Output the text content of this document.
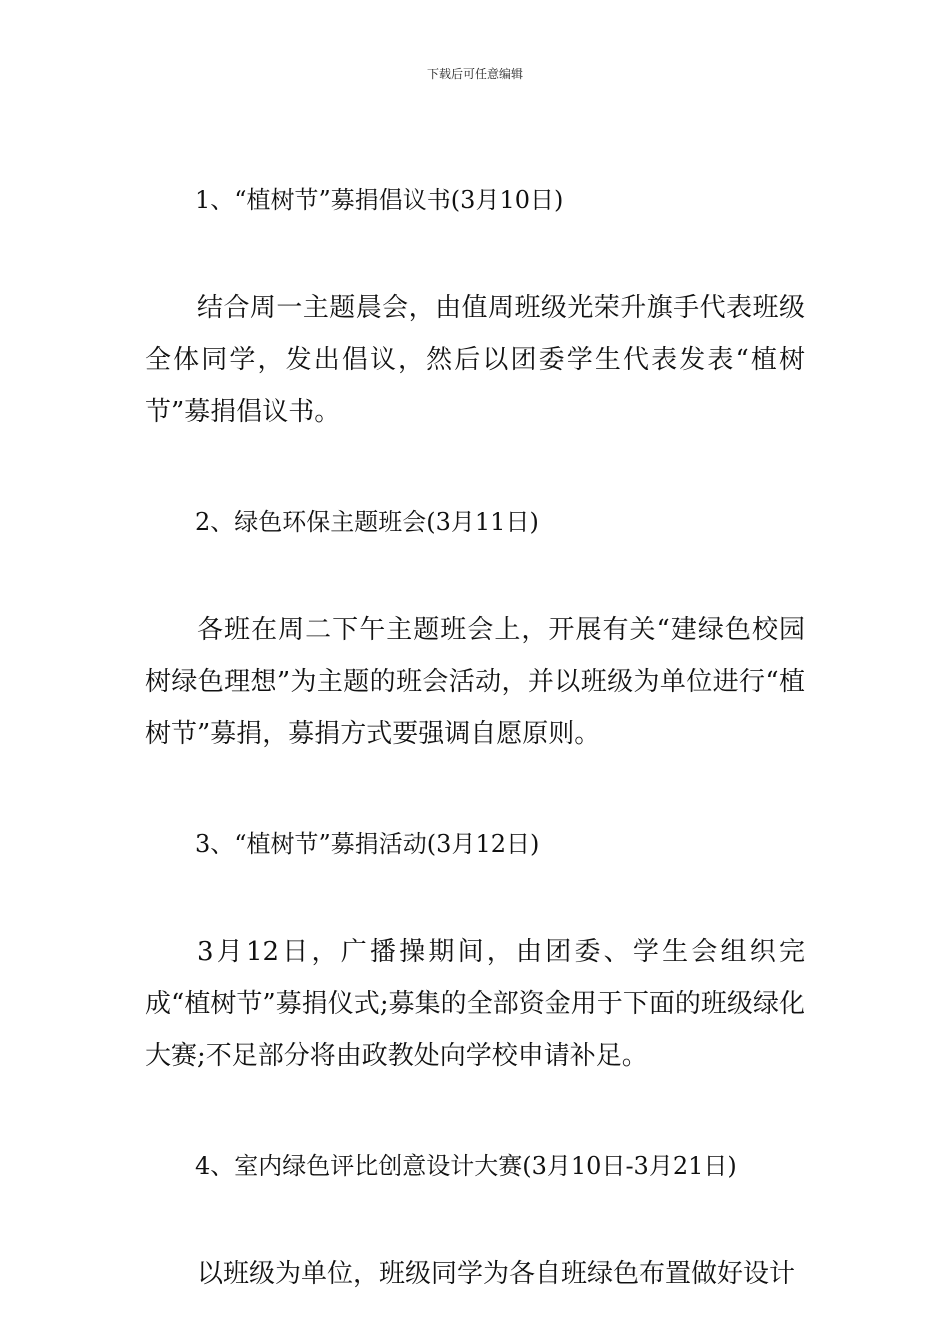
下载后可任意编辑

1、“植树节”募捐倡议书(3月10日)

结合周一主题晨会，由值周班级光荣升旗手代表班级全体同学，发出倡议，然后以团委学生代表发表“植树节”募捐倡议书。

2、绿色环保主题班会(3月11日)

各班在周二下午主题班会上，开展有关“建绿色校园树绿色理想”为主题的班会活动，并以班级为单位进行“植树节”募捐，募捐方式要强调自愿原则。

3、“植树节”募捐活动(3月12日)

3月12日，广播操期间，由团委、学生会组织完成“植树节”募捐仪式;募集的全部资金用于下面的班级绿化大赛;不足部分将由政教处向学校申请补足。

4、室内绿色评比创意设计大赛(3月10日-3月21日)

以班级为单位，班级同学为各自班绿色布置做好设计
